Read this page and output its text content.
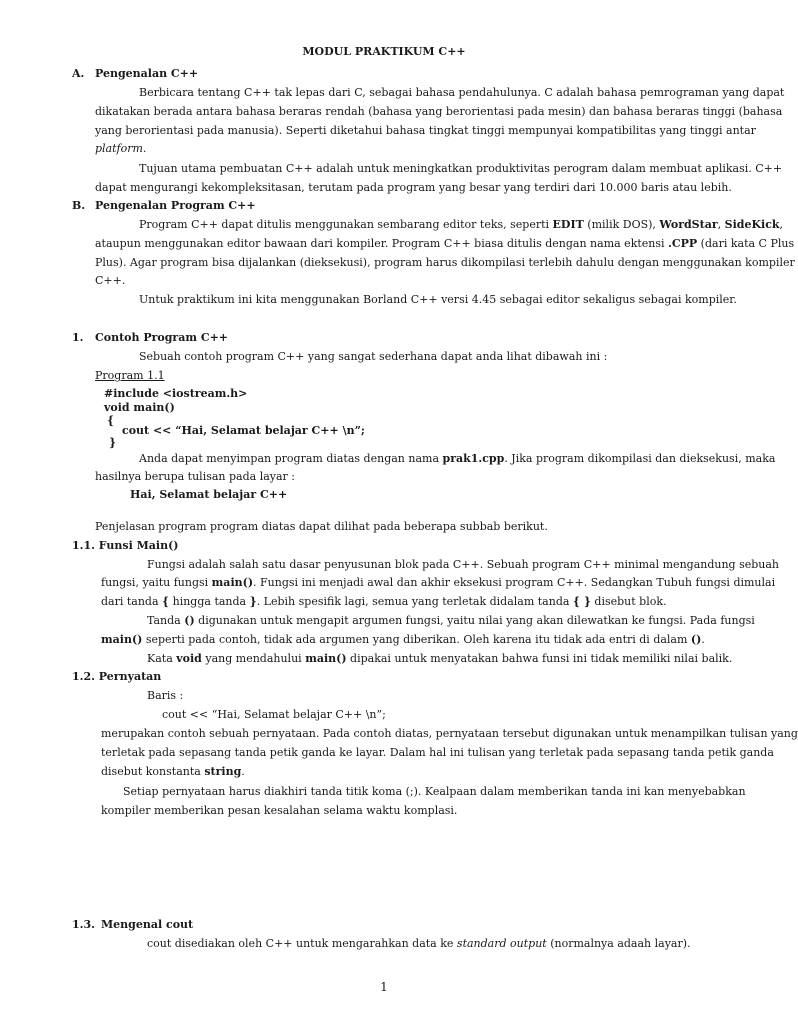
MODUL PRAKTIKUM C++
A. Pengenalan C++
Berbicara tentang C++ tak lepas dari C, sebagai bahasa pendahulunya. C adalah bahasa pemrograman yang dapat
dikatakan berada antara bahasa beraras rendah (bahasa yang berorientasi pada mesin) dan bahasa beraras tinggi (bahasa
yang berorientasi pada manusia). Seperti diketahui bahasa tingkat tinggi mempunyai kompatibilitas yang tinggi antar
platform.
Tujuan utama pembuatan C++ adalah untuk meningkatkan produktivitas perogram dalam membuat aplikasi. C++
dapat mengurangi kekompleksitasan, terutam pada program yang besar yang terdiri dari 10.000 baris atau lebih.
B. Pengenalan Program C++
Program C++ dapat ditulis menggunakan sembarang editor teks, seperti EDIT (milik DOS), WordStar, SideKick,
ataupun menggunakan editor bawaan dari kompiler. Program C++ biasa ditulis dengan nama ektensi .CPP (dari kata C Plus
Plus). Agar program bisa dijalankan (dieksekusi), program harus dikompilasi terlebih dahulu dengan menggunakan kompiler
C++.
Untuk praktikum ini kita menggunakan Borland C++ versi 4.45 sebagai editor sekaligus sebagai kompiler.
1. Contoh Program C++
Sebuah contoh program C++ yang sangat sederhana dapat anda lihat dibawah ini :
Program 1.1
#include <iostream.h>
void main()
{
cout << “Hai, Selamat belajar C++ \n”;
}
Anda dapat menyimpan program diatas dengan nama prak1.cpp. Jika program dikompilasi dan dieksekusi, maka
hasilnya berupa tulisan pada layar :
Hai, Selamat belajar C++
Penjelasan program program diatas dapat dilihat pada beberapa subbab berikut.
1.1. Funsi Main()
Fungsi adalah salah satu dasar penyusunan blok pada C++. Sebuah program C++ minimal mengandung sebuah
fungsi, yaitu fungsi main(). Fungsi ini menjadi awal dan akhir eksekusi program C++. Sedangkan Tubuh fungsi dimulai
dari tanda { hingga tanda }. Lebih spesifik lagi, semua yang terletak didalam tanda { } disebut blok.
Tanda () digunakan untuk mengapit argumen fungsi, yaitu nilai yang akan dilewatkan ke fungsi. Pada fungsi
main() seperti pada contoh, tidak ada argumen yang diberikan. Oleh karena itu tidak ada entri di dalam ().
Kata void yang mendahului main() dipakai untuk menyatakan bahwa funsi ini tidak memiliki nilai balik.
1.2. Pernyatan
Baris :
cout << “Hai, Selamat belajar C++ \n”;
merupakan contoh sebuah pernyataan. Pada contoh diatas, pernyataan tersebut digunakan untuk menampilkan tulisan yang
terletak pada sepasang tanda petik ganda ke layar. Dalam hal ini tulisan yang terletak pada sepasang tanda petik ganda
disebut konstanta string.
Setiap pernyataan harus diakhiri tanda titik koma (;). Kealpaan dalam memberikan tanda ini kan menyebabkan
kompiler memberikan pesan kesalahan selama waktu komplasi.
1.3. Mengenal cout
cout disediakan oleh C++ untuk mengarahkan data ke standard output (normalnya adaah layar).
1
